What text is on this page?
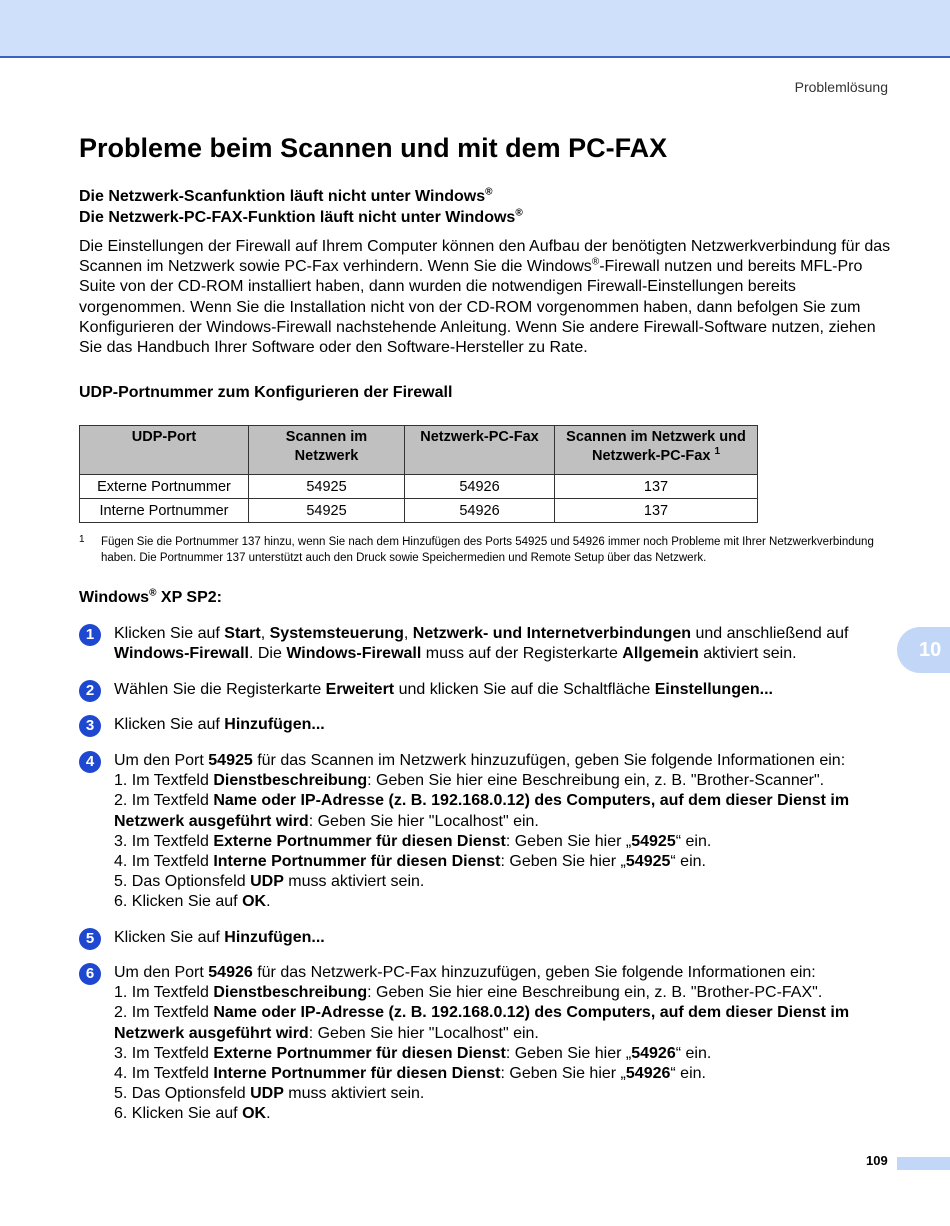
Problemlösung
10
Probleme beim Scannen und mit dem PC-FAX

Die Netzwerk-Scanfunktion läuft nicht unter Windows®

Die Netzwerk-PC-FAX-Funktion läuft nicht unter Windows®

Die Einstellungen der Firewall auf Ihrem Computer können den Aufbau der benötigten Netzwerkverbindung für das Scannen im Netzwerk sowie PC-Fax verhindern. Wenn Sie die Windows®-Firewall nutzen und bereits MFL-Pro Suite von der CD-ROM installiert haben, dann wurden die notwendigen Firewall-Einstellungen bereits vorgenommen. Wenn Sie die Installation nicht von der CD-ROM vorgenommen haben, dann befolgen Sie zum Konfigurieren der Windows-Firewall nachstehende Anleitung. Wenn Sie andere Firewall-Software nutzen, ziehen Sie das Handbuch Ihrer Software oder den Software-Hersteller zu Rate.

UDP-Portnummer zum Konfigurieren der Firewall

UDP-Port	Scannen im Netzwerk	Netzwerk-PC-Fax	Scannen im Netzwerk und Netzwerk-PC-Fax $^1$
Externe Portnummer	54925	54926	137
Interne Portnummer	54925	54926	137
1 Fügen Sie die Portnummer 137 hinzu, wenn Sie nach dem Hinzufügen des Ports 54925 und 54926 immer noch Probleme mit Ihrer Netzwerkverbindung haben. Die Portnummer 137 unterstützt auch den Druck sowie Speichermedien und Remote Setup über das Netzwerk.

Windows® XP SP2:

1	Klicken Sie auf Start, Systemsteuerung, Netzwerk- und Internetverbindungen und anschließend auf Windows-Firewall. Die Windows-Firewall muss auf der Registerkarte Allgemein aktiviert sein.
2	Wählen Sie die Registerkarte Erweitert und klicken Sie auf die Schaltfläche Einstellungen...
3	Klicken Sie auf Hinzufügen...
4	Um den Port 54925 für das Scannen im Netzwerk hinzuzufügen, geben Sie folgende Informationen ein:
1. Im Textfeld Dienstbeschreibung: Geben Sie hier eine Beschreibung ein, z. B. "Brother-Scanner".
2. Im Textfeld Name oder IP-Adresse (z. B. 192.168.0.12) des Computers, auf dem dieser Dienst im Netzwerk ausgeführt wird: Geben Sie hier "Localhost" ein.
3. Im Textfeld Externe Portnummer für diesen Dienst: Geben Sie hier „54925“ ein.
4. Im Textfeld Interne Portnummer für diesen Dienst: Geben Sie hier „54925“ ein.
5. Das Optionsfeld UDP muss aktiviert sein.
6. Klicken Sie auf OK.
5	Klicken Sie auf Hinzufügen...
6	Um den Port 54926 für das Netzwerk-PC-Fax hinzuzufügen, geben Sie folgende Informationen ein:
1. Im Textfeld Dienstbeschreibung: Geben Sie hier eine Beschreibung ein, z. B. "Brother-PC-FAX".
2. Im Textfeld Name oder IP-Adresse (z. B. 192.168.0.12) des Computers, auf dem dieser Dienst im Netzwerk ausgeführt wird: Geben Sie hier "Localhost" ein.
3. Im Textfeld Externe Portnummer für diesen Dienst: Geben Sie hier „54926“ ein.
4. Im Textfeld Interne Portnummer für diesen Dienst: Geben Sie hier „54926“ ein.
5. Das Optionsfeld UDP muss aktiviert sein.
6. Klicken Sie auf OK.
109
